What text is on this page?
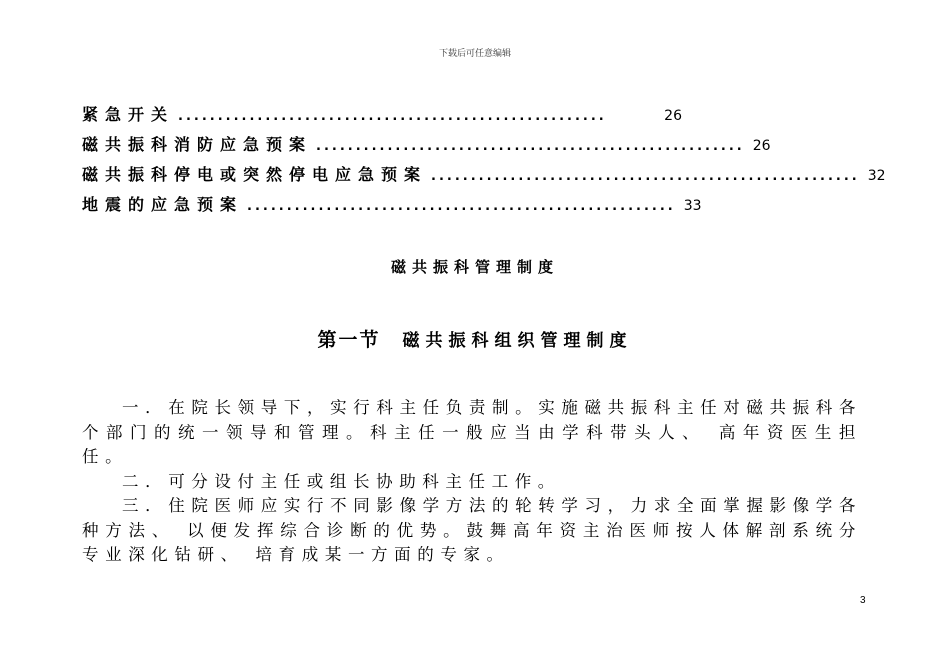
下载后可任意编辑
紧急开关 ......................................................	26
磁共振科消防应急预案 ...................................................... 26
磁共振科停电或突然停电应急预案 ...................................................... 32
地震的应急预案 ...................................................... 33
磁共振科管理制度
第一节 磁共振科组织管理制度

一．在院长领导下，实行科主任负责制。实施磁共振科主任对磁共振科各个部门的统一领导和管理。科主任一般应当由学科带头人、 高年资医生担任。

二．可分设付主任或组长协助科主任工作。

三．住院医师应实行不同影像学方法的轮转学习，力求全面掌握影像学各种方法、 以便发挥综合诊断的优势。鼓舞高年资主治医师按人体解剖系统分专业深化钻研、 培育成某一方面的专家。

3
